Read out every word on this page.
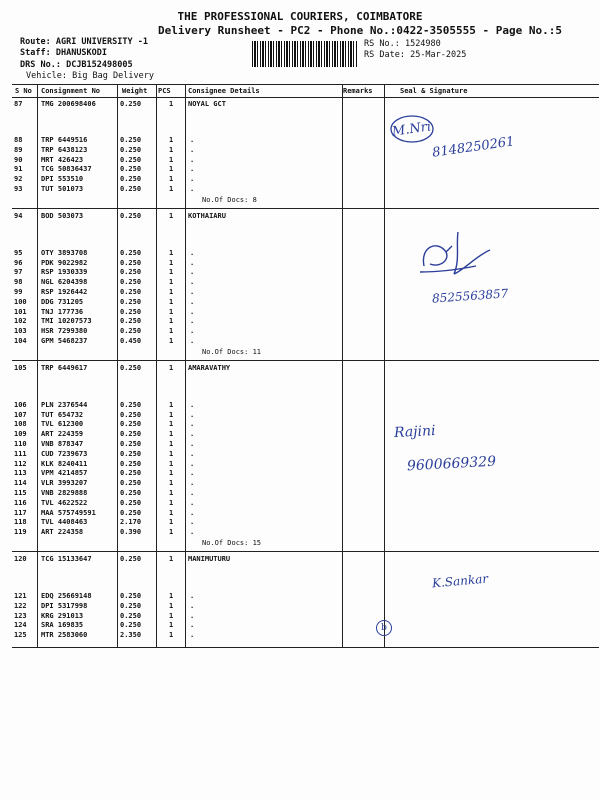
THE PROFESSIONAL COURIERS, COIMBATORE
Delivery Runsheet - PC2 - Phone No.:0422-3505555 - Page No.:5
Route: AGRI UNIVERSITY -1
Staff: DHANUSKODI
DRS No.: DCJB152498005
RS No.: 1524980
RS Date: 25-Mar-2025
Vehicle: Big Bag Delivery
S No Consignment No	Weight PCS Consignee Details	Remarks	Seal & Signature
87	TMG 200698406	0.250	1 NOYAL GCT
88	TRP 6449516	0.250	1 .
89	TRP 6438123	0.250	1 .
90	MRT 426423	0.250	1 .
91	TCG 50836437	0.250	1 .
92	DPI 553510	0.250	1 .
93	TUT 501073	0.250	1 .
No.Of Docs: 8
94	BOD 503073	0.250	1 KOTHAIARU
95	OTY 3893708	0.250	1 .
96	PDK 9022982	0.250	1 .
97	RSP 1930339	0.250	1 .
98	NGL 6204398	0.250	1 .
99	RSP 1926442	0.250	1 .
100 DDG 731205	0.250	1 .
101 TNJ 177736	0.250	1 .
102 TMI 10207573	0.250	1 .
103 HSR 7299380	0.250	1 .
104 GPM 5468237	0.450	1 .
No.Of Docs: 11
105 TRP 6449617	0.250	1 AMARAVATHY
106 PLN 2376544	0.250	1 .
107 TUT 654732	0.250	1 .
108 TVL 612300	0.250	1 .
109 ART 224359	0.250	1 .
110 VNB 878347	0.250	1 .
111 CUD 7239673	0.250	1 .
112 KLK 8240411	0.250	1 .
113 VPM 4214857	0.250	1 .
114 VLR 3993207	0.250	1 .
115 VNB 2829888	0.250	1 .
116 TVL 4622522	0.250	1 .
117 MAA 575749591	0.250	1 .
118 TVL 4408463	2.170	1 .
119 ART 224358	0.390	1 .
No.Of Docs: 15
120 TCG 15133647	0.250	1 MANIMUTURU
121 EDQ 25669148	0.250	1 .
122 DPI 5317998	0.250	1 .
123 KRG 291013	0.250	1 .
124 SRA 169835	0.250	1 .
125 MTR 2583060	2.350	1 .
M.Nri
8148250261
8525563857
Rajini
9600669329
K.Sankar
b
